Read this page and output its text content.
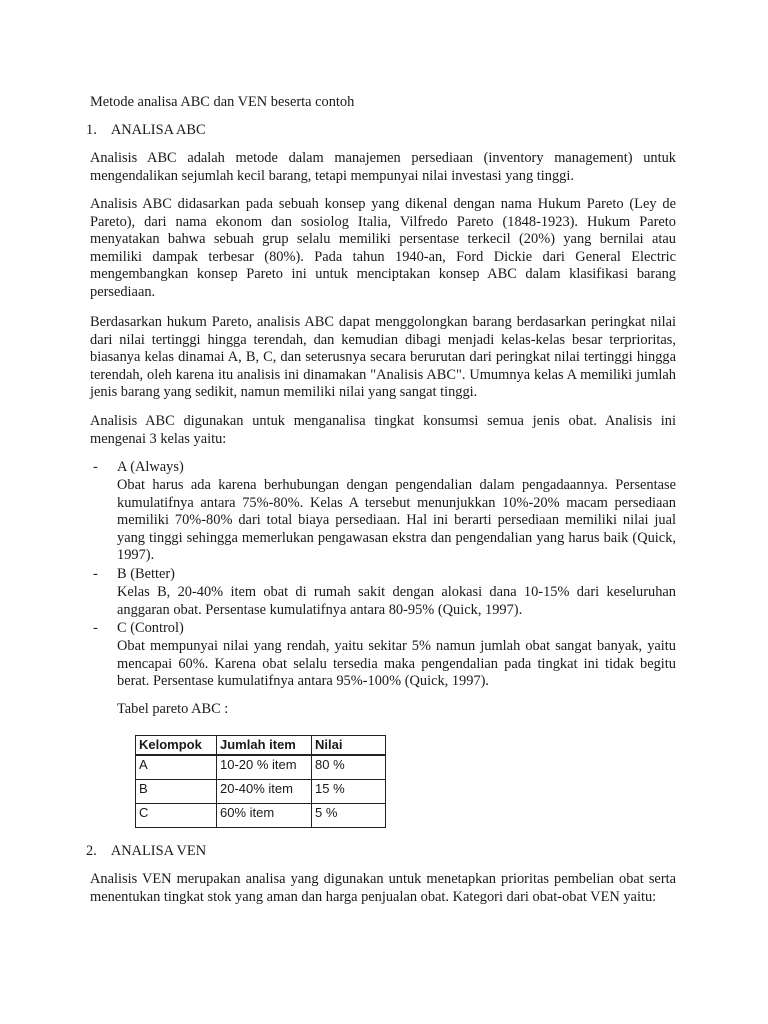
Metode analisa ABC dan VEN beserta contoh
1. ANALISA ABC

Analisis ABC adalah metode dalam manajemen persediaan (inventory management) untuk mengendalikan sejumlah kecil barang, tetapi mempunyai nilai investasi yang tinggi.

Analisis ABC didasarkan pada sebuah konsep yang dikenal dengan nama Hukum Pareto (Ley de Pareto), dari nama ekonom dan sosiolog Italia, Vilfredo Pareto (1848-1923). Hukum Pareto menyatakan bahwa sebuah grup selalu memiliki persentase terkecil (20%) yang bernilai atau memiliki dampak terbesar (80%). Pada tahun 1940-an, Ford Dickie dari General Electric mengembangkan konsep Pareto ini untuk menciptakan konsep ABC dalam klasifikasi barang persediaan.

Berdasarkan hukum Pareto, analisis ABC dapat menggolongkan barang berdasarkan peringkat nilai dari nilai tertinggi hingga terendah, dan kemudian dibagi menjadi kelas-kelas besar terprioritas, biasanya kelas dinamai A, B, C, dan seterusnya secara berurutan dari peringkat nilai tertinggi hingga terendah, oleh karena itu analisis ini dinamakan "Analisis ABC". Umumnya kelas A memiliki jumlah jenis barang yang sedikit, namun memiliki nilai yang sangat tinggi.

Analisis ABC digunakan untuk menganalisa tingkat konsumsi semua jenis obat. Analisis ini mengenai 3 kelas yaitu:

- A (Always)

Obat harus ada karena berhubungan dengan pengendalian dalam pengadaannya. Persentase kumulatifnya antara 75%-80%. Kelas A tersebut menunjukkan 10%-20% macam persediaan memiliki 70%-80% dari total biaya persediaan. Hal ini berarti persediaan memiliki nilai jual yang tinggi sehingga memerlukan pengawasan ekstra dan pengendalian yang harus baik (Quick, 1997).

- B (Better)

Kelas B, 20-40% item obat di rumah sakit dengan alokasi dana 10-15% dari keseluruhan anggaran obat. Persentase kumulatifnya antara 80-95% (Quick, 1997).

- C (Control)

Obat mempunyai nilai yang rendah, yaitu sekitar 5% namun jumlah obat sangat banyak, yaitu mencapai 60%. Karena obat selalu tersedia maka pengendalian pada tingkat ini tidak begitu berat. Persentase kumulatifnya antara 95%-100% (Quick, 1997).

Tabel pareto ABC :
Kelompok	Jumlah item	Nilai
A	10-20 % item	80 %
B	20-40% item	15 %
C	60% item	5 %
2. ANALISA VEN

Analisis VEN merupakan analisa yang digunakan untuk menetapkan prioritas pembelian obat serta menentukan tingkat stok yang aman dan harga penjualan obat. Kategori dari obat-obat VEN yaitu:
